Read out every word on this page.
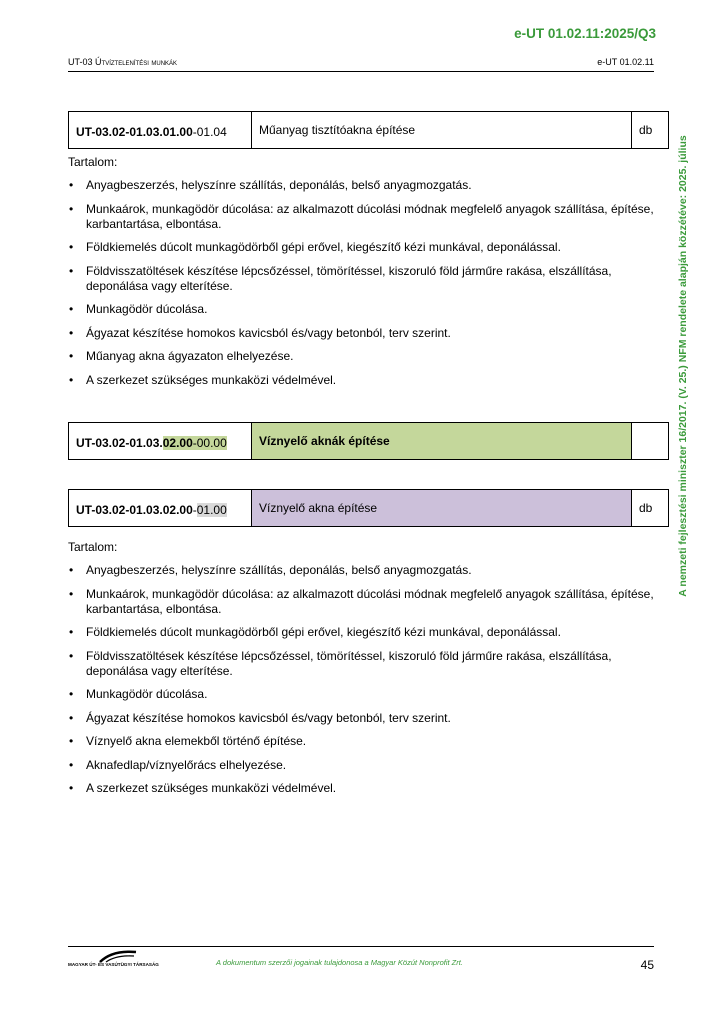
e-UT 01.02.11:2025/Q3
UT-03 Útvíztelenítési munkák	e-UT 01.02.11
A nemzeti fejlesztési miniszter 16/2017. (V. 25.) NFM rendelete alapján közzétéve: 2025. július
UT-03.02-01.03.01.00-01.04	Műanyag tisztítóakna építése	db

Tartalom:

• Anyagbeszerzés, helyszínre szállítás, deponálás, belső anyagmozgatás.
• Munkaárok, munkagödör dúcolása: az alkalmazott dúcolási módnak megfelelő anyagok szállítása, építése, karbantartása, elbontása.
• Földkiemelés dúcolt munkagödörből gépi erővel, kiegészítő kézi munkával, deponálással.
• Földvisszatöltések készítése lépcsőzéssel, tömörítéssel, kiszoruló föld járműre rakása, elszállítása, deponálása vagy elterítése.
• Munkagödör dúcolása.
• Ágyazat készítése homokos kavicsból és/vagy betonból, terv szerint.
• Műanyag akna ágyazaton elhelyezése.
• A szerkezet szükséges munkaközi védelmével.
UT-03.02-01.03.02.00-00.00	Víznyelő aknák építése	
UT-03.02-01.03.02.00-01.00	Víznyelő akna építése	db

Tartalom:

• Anyagbeszerzés, helyszínre szállítás, deponálás, belső anyagmozgatás.
• Munkaárok, munkagödör dúcolása: az alkalmazott dúcolási módnak megfelelő anyagok szállítása, építése, karbantartása, elbontása.
• Földkiemelés dúcolt munkagödörből gépi erővel, kiegészítő kézi munkával, deponálással.
• Földvisszatöltések készítése lépcsőzéssel, tömörítéssel, kiszoruló föld járműre rakása, elszállítása, deponálása vagy elterítése.
• Munkagödör dúcolása.
• Ágyazat készítése homokos kavicsból és/vagy betonból, terv szerint.
• Víznyelő akna elemekből történő építése.
• Aknafedlap/víznyelőrács elhelyezése.
• A szerkezet szükséges munkaközi védelmével.
MAGYAR ÚT- ÉS VASÚTÜGYI TÁRSASÁG	A dokumentum szerzői jogainak tulajdonosa a Magyar Közút Nonprofit Zrt.	45
